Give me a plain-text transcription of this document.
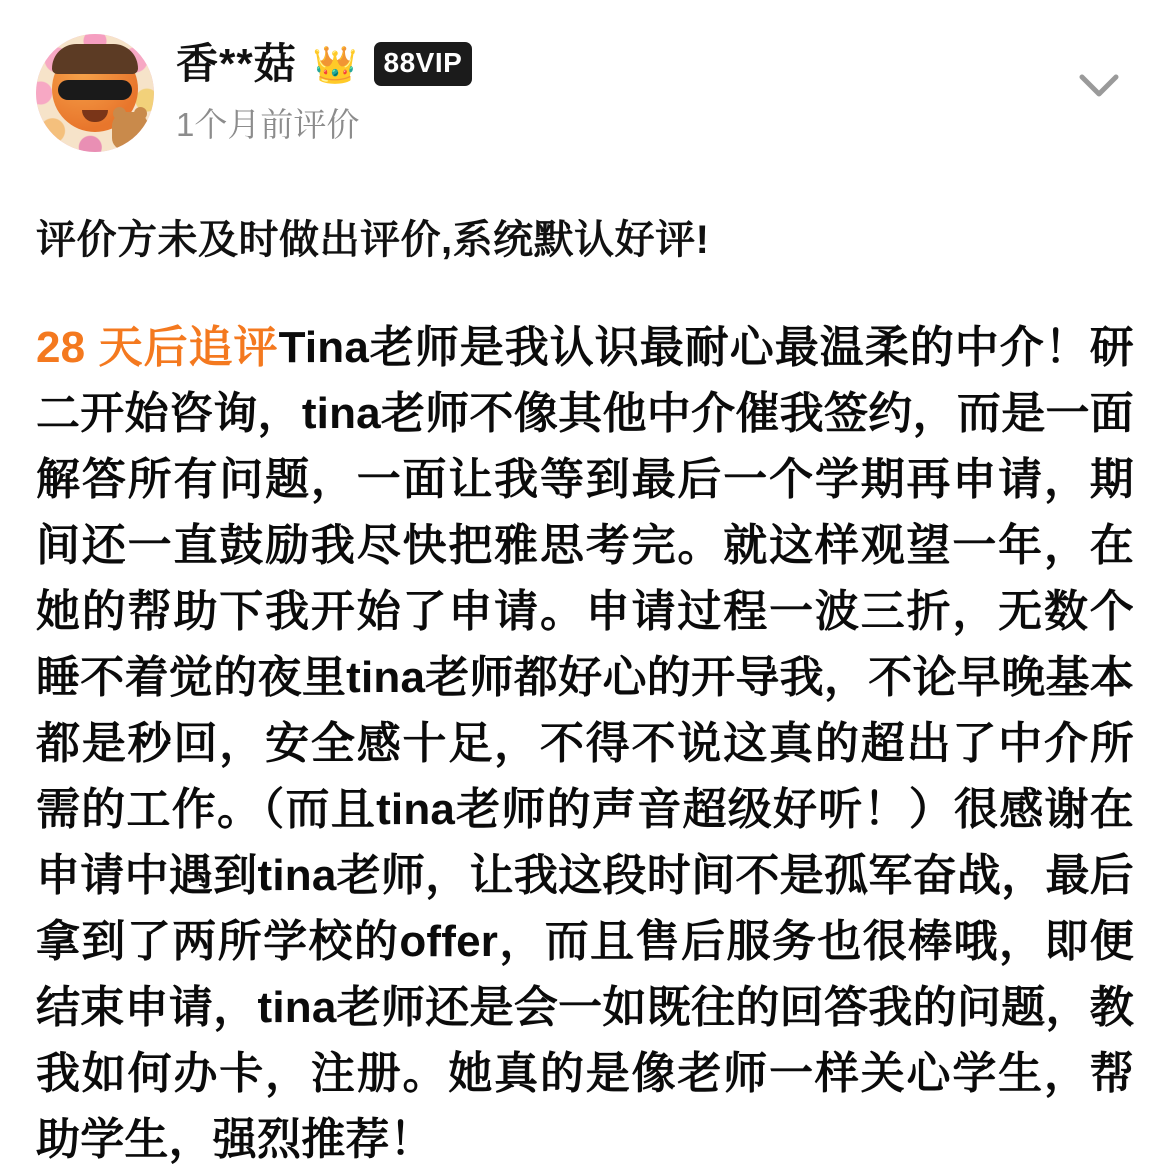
香**菇 👑 88VIP
1个月前评价
评价方未及时做出评价,系统默认好评!
28 天后追评Tina老师是我认识最耐心最温柔的中介！研二开始咨询，tina老师不像其他中介催我签约，而是一面解答所有问题，一面让我等到最后一个学期再申请，期间还一直鼓励我尽快把雅思考完。就这样观望一年，在她的帮助下我开始了申请。申请过程一波三折，无数个睡不着觉的夜里tina老师都好心的开导我，不论早晚基本都是秒回，安全感十足，不得不说这真的超出了中介所需的工作。（而且tina老师的声音超级好听！）很感谢在申请中遇到tina老师，让我这段时间不是孤军奋战，最后拿到了两所学校的offer，而且售后服务也很棒哦，即便结束申请，tina老师还是会一如既往的回答我的问题，教我如何办卡，注册。她真的是像老师一样关心学生，帮助学生，强烈推荐！
